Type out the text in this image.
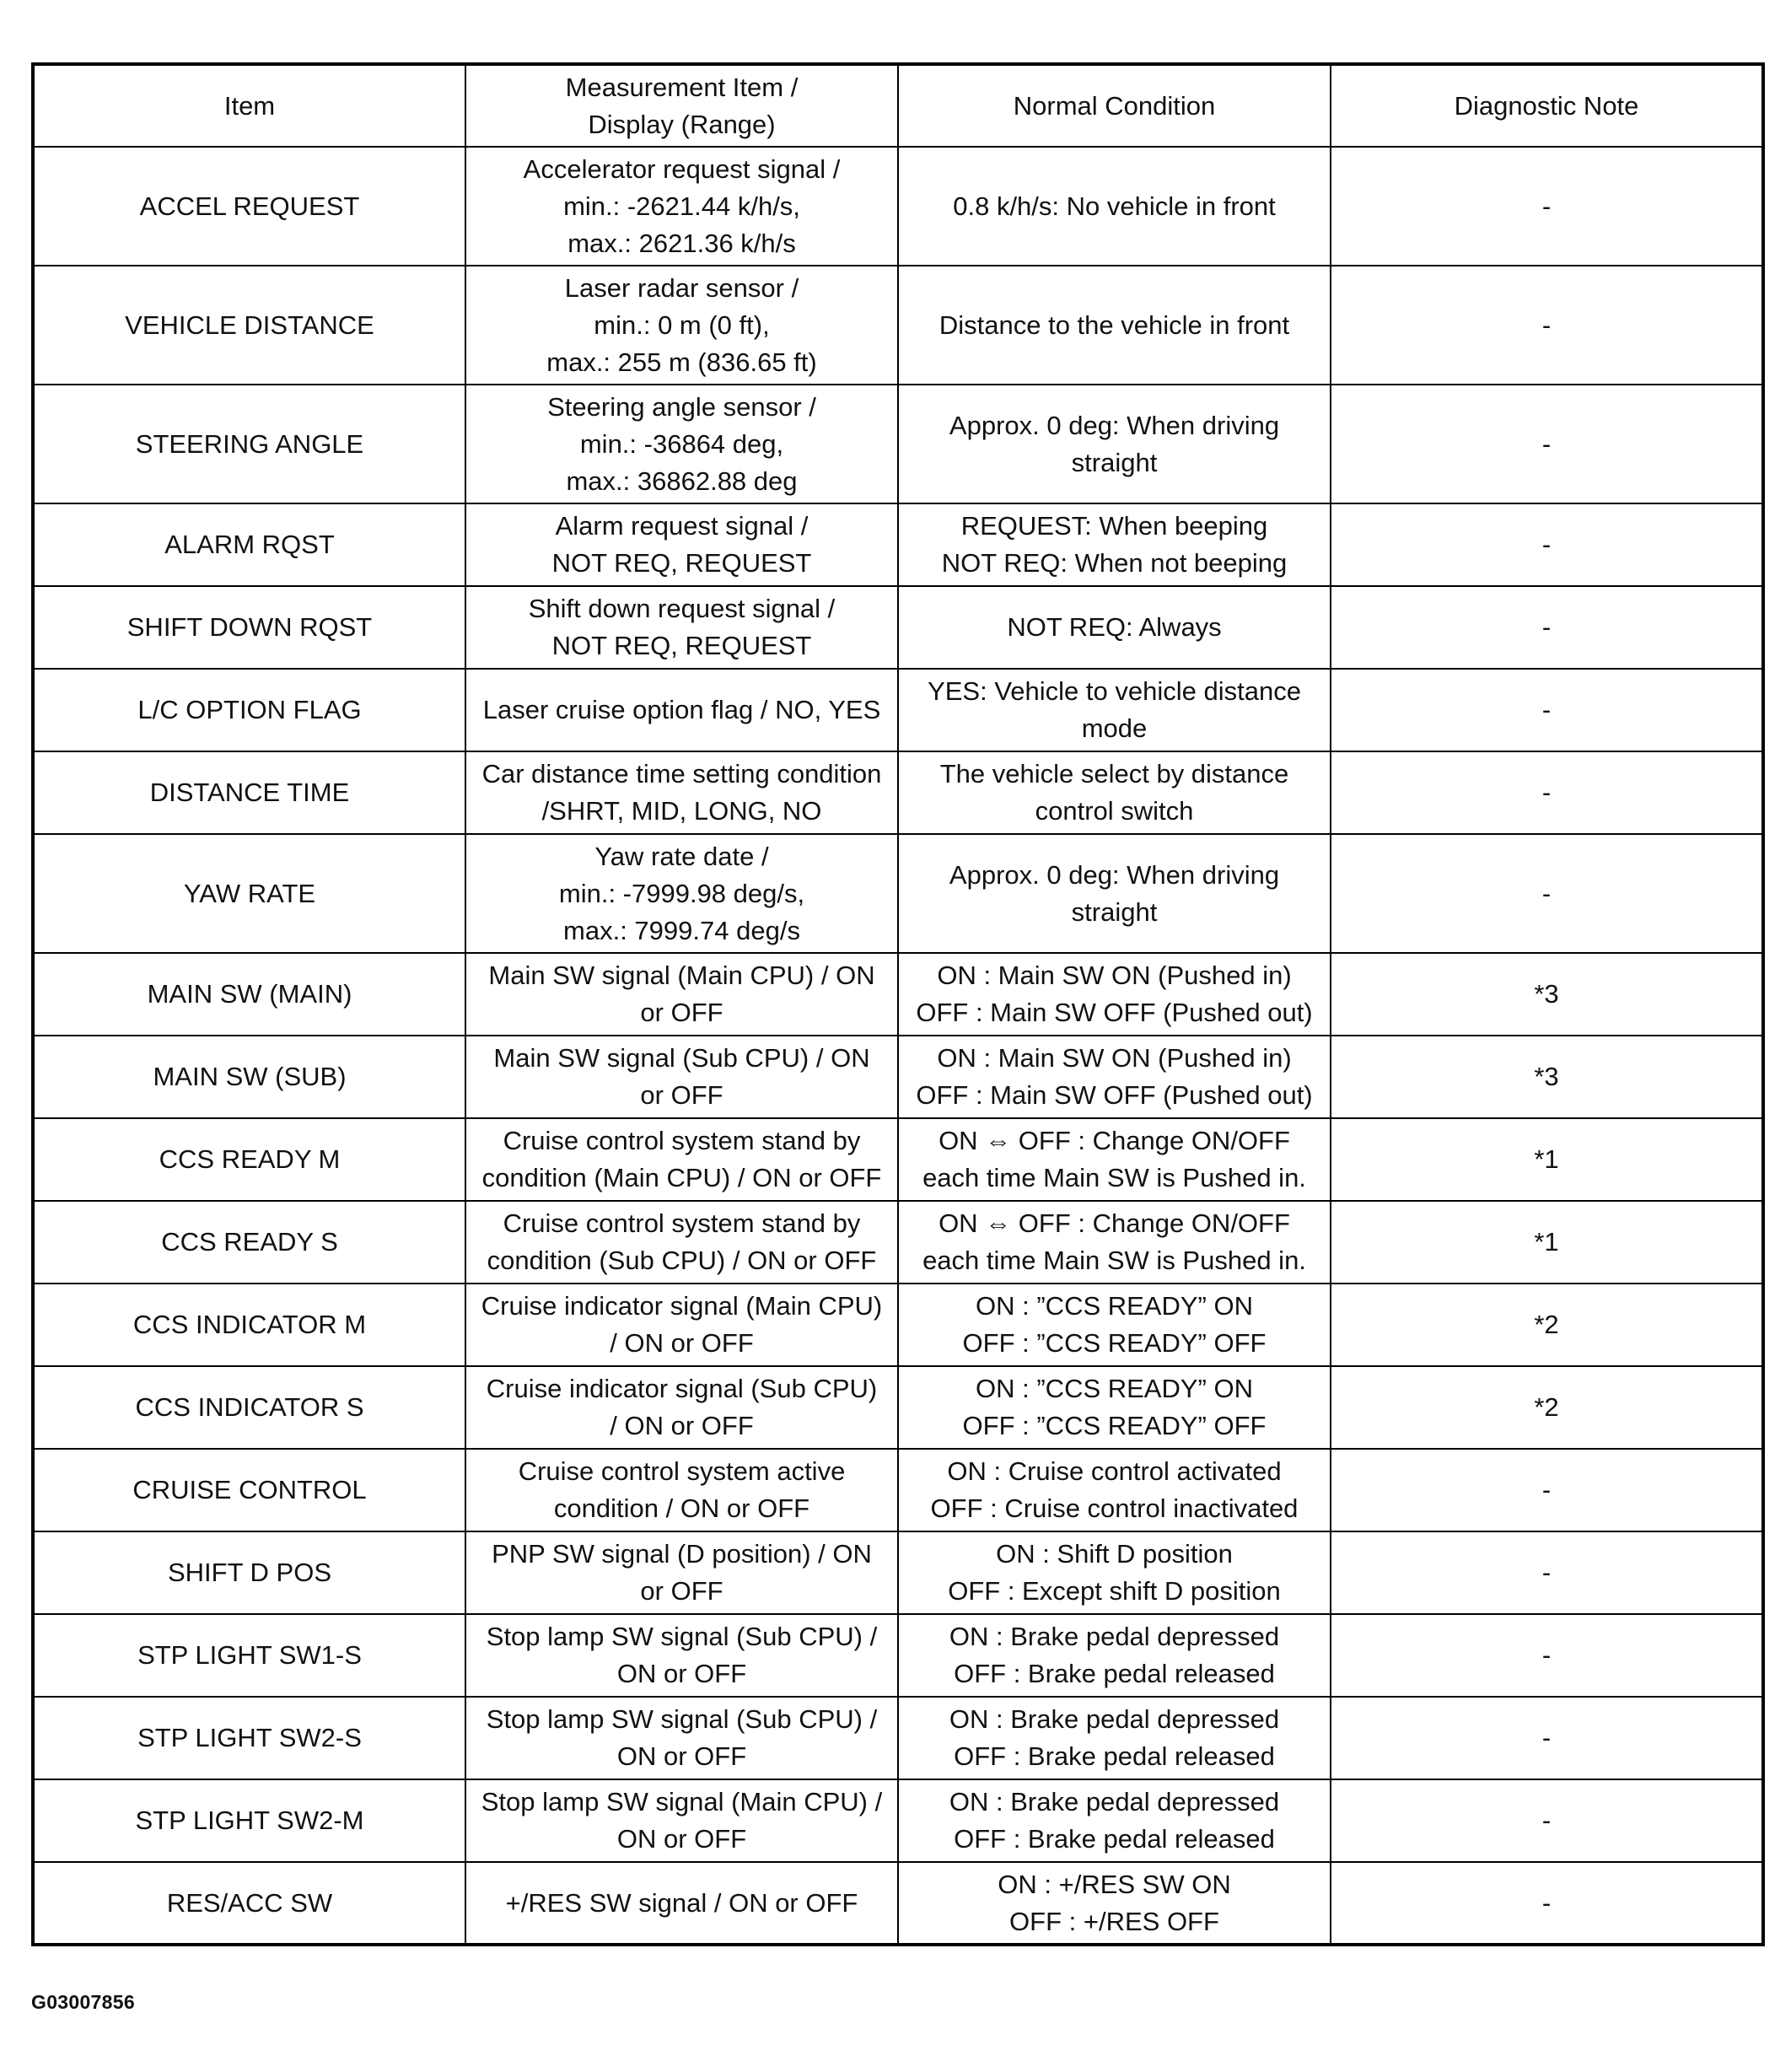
Item	Measurement Item /
Display (Range)	Normal Condition	Diagnostic Note
ACCEL REQUEST	Accelerator request signal /
min.: -2621.44 k/h/s,
max.: 2621.36 k/h/s	0.8 k/h/s: No vehicle in front	-
VEHICLE DISTANCE	Laser radar sensor /
min.: 0 m (0 ft),
max.: 255 m (836.65 ft)	Distance to the vehicle in front	-
STEERING ANGLE	Steering angle sensor /
min.: -36864 deg,
max.: 36862.88 deg	Approx. 0 deg: When driving
straight	-
ALARM RQST	Alarm request signal /
NOT REQ, REQUEST	REQUEST: When beeping
NOT REQ: When not beeping	-
SHIFT DOWN RQST	Shift down request signal /
NOT REQ, REQUEST	NOT REQ: Always	-
L/C OPTION FLAG	Laser cruise option flag / NO, YES	YES: Vehicle to vehicle distance
mode	-
DISTANCE TIME	Car distance time setting condition
/SHRT, MID, LONG, NO	The vehicle select by distance
control switch	-
YAW RATE	Yaw rate date /
min.: -7999.98 deg/s,
max.: 7999.74 deg/s	Approx. 0 deg: When driving
straight	-
MAIN SW (MAIN)	Main SW signal (Main CPU) / ON
or OFF	ON : Main SW ON (Pushed in)
OFF : Main SW OFF (Pushed out)	*3
MAIN SW (SUB)	Main SW signal (Sub CPU) / ON
or OFF	ON : Main SW ON (Pushed in)
OFF : Main SW OFF (Pushed out)	*3
CCS READY M	Cruise control system stand by
condition (Main CPU) / ON or OFF	ON ⇔ OFF : Change ON/OFF
each time Main SW is Pushed in.	*1
CCS READY S	Cruise control system stand by
condition (Sub CPU) / ON or OFF	ON ⇔ OFF : Change ON/OFF
each time Main SW is Pushed in.	*1
CCS INDICATOR M	Cruise indicator signal (Main CPU)
/ ON or OFF	ON : ”CCS READY” ON
OFF : ”CCS READY” OFF	*2
CCS INDICATOR S	Cruise indicator signal (Sub CPU)
/ ON or OFF	ON : ”CCS READY” ON
OFF : ”CCS READY” OFF	*2
CRUISE CONTROL	Cruise control system active
condition / ON or OFF	ON : Cruise control activated
OFF : Cruise control inactivated	-
SHIFT D POS	PNP SW signal (D position) / ON
or OFF	ON : Shift D position
OFF : Except shift D position	-
STP LIGHT SW1-S	Stop lamp SW signal (Sub CPU) /
ON or OFF	ON : Brake pedal depressed
OFF : Brake pedal released	-
STP LIGHT SW2-S	Stop lamp SW signal (Sub CPU) /
ON or OFF	ON : Brake pedal depressed
OFF : Brake pedal released	-
STP LIGHT SW2-M	Stop lamp SW signal (Main CPU) /
ON or OFF	ON : Brake pedal depressed
OFF : Brake pedal released	-
RES/ACC SW	+/RES SW signal / ON or OFF	ON : +/RES SW ON
OFF : +/RES OFF	-
G03007856
